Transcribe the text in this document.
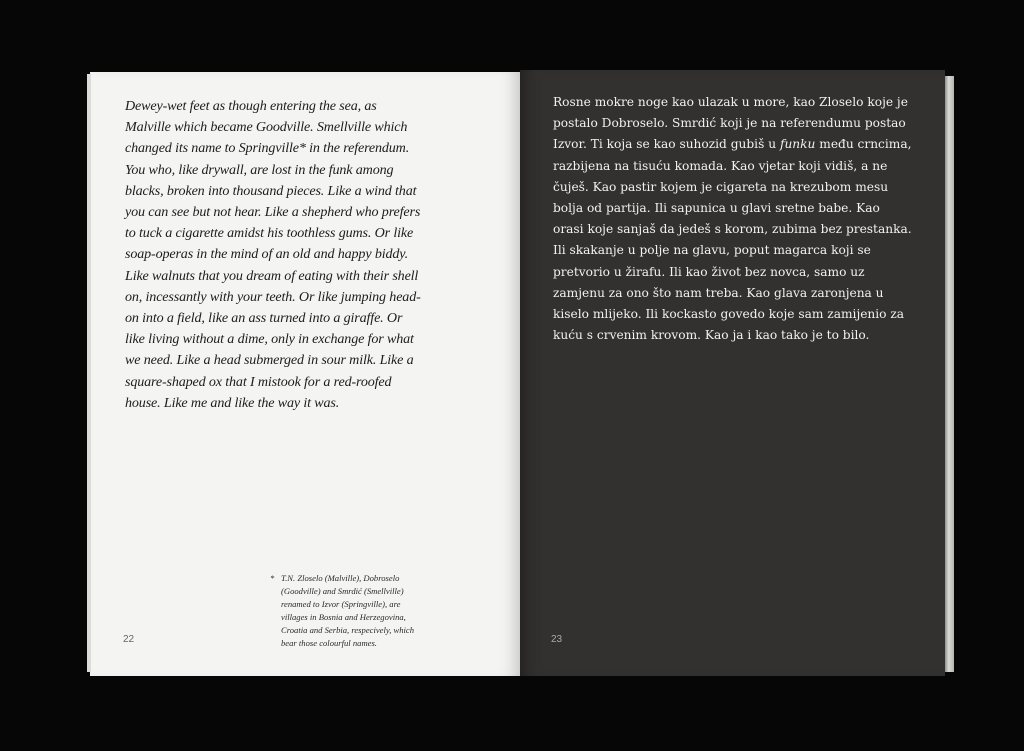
Dewey-wet feet as though entering the sea, as Malville which became Goodville. Smellville which changed its name to Springville* in the referendum. You who, like drywall, are lost in the funk among blacks, broken into thousand pieces. Like a wind that you can see but not hear. Like a shepherd who prefers to tuck a cigarette amidst his toothless gums. Or like soap-operas in the mind of an old and happy biddy. Like walnuts that you dream of eating with their shell on, incessantly with your teeth. Or like jumping head-on into a field, like an ass turned into a giraffe. Or like living without a dime, only in exchange for what we need. Like a head submerged in sour milk. Like a square-shaped ox that I mistook for a red-roofed house. Like me and like the way it was.

* T.N. Zloselo (Malville), Dobroselo (Goodville) and Smrdić (Smellville) renamed to Izvor (Springville), are villages in Bosnia and Herzegovina, Croatia and Serbia, respecively, which bear those colourful names.
22

Rosne mokre noge kao ulazak u more, kao Zloselo koje je postalo Dobroselo. Smrdić koji je na referendumu postao Izvor. Ti koja se kao suhozid gubiš u funku među crncima, razbijena na tisuću komada. Kao vjetar koji vidiš, a ne čuješ. Kao pastir kojem je cigareta na krezubom mesu bolja od partija. Ili sapunica u glavi sretne babe. Kao orasi koje sanjaš da jedeš s korom, zubima bez prestanka. Ili skakanje u polje na glavu, poput magarca koji se pretvorio u žirafu. Ili kao život bez novca, samo uz zamjenu za ono što nam treba. Kao glava zaronjena u kiselo mlijeko. Ili kockasto govedo koje sam zamijenio za kuću s crvenim krovom. Kao ja i kao tako je to bilo.

23
